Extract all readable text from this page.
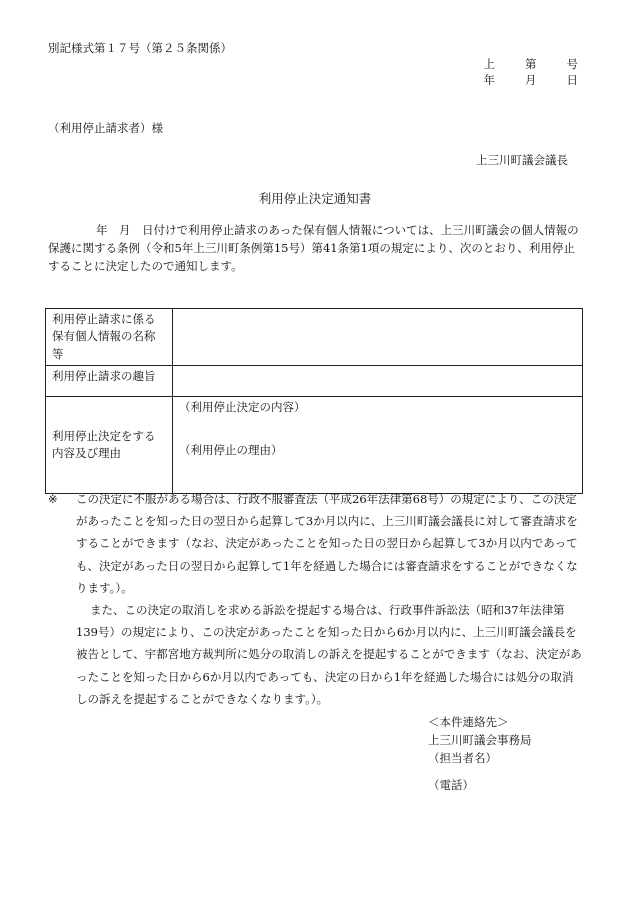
別記様式第１７号（第２５条関係）
上	第	号
年	月	日
（利用停止請求者）様
上三川町議会議長
利用停止決定通知書

年　月　日付けで利用停止請求のあった保有個人情報については、上三川町議会の個人情報の保護に関する条例（令和5年上三川町条例第15号）第41条第1項の規定により、次のとおり、利用停止することに決定したので通知します。

利用停止請求に係る保有個人情報の名称等	
利用停止請求の趣旨	
利用停止決定をする内容及び理由	（利用停止決定の内容）
（利用停止の理由）

※ この決定に不服がある場合は、行政不服審査法（平成26年法律第68号）の規定により、この決定があったことを知った日の翌日から起算して3か月以内に、上三川町議会議長に対して審査請求をすることができます（なお、決定があったことを知った日の翌日から起算して3か月以内であっても、決定があった日の翌日から起算して1年を経過した場合には審査請求をすることができなくなります。）。

また、この決定の取消しを求める訴訟を提起する場合は、行政事件訴訟法（昭和37年法律第139号）の規定により、この決定があったことを知った日から6か月以内に、上三川町議会議長を被告として、宇都宮地方裁判所に処分の取消しの訴えを提起することができます（なお、決定があったことを知った日から6か月以内であっても、決定の日から1年を経過した場合には処分の取消しの訴えを提起することができなくなります。）。

＜本件連絡先＞
上三川町議会事務局
（担当者名）
（電話）
